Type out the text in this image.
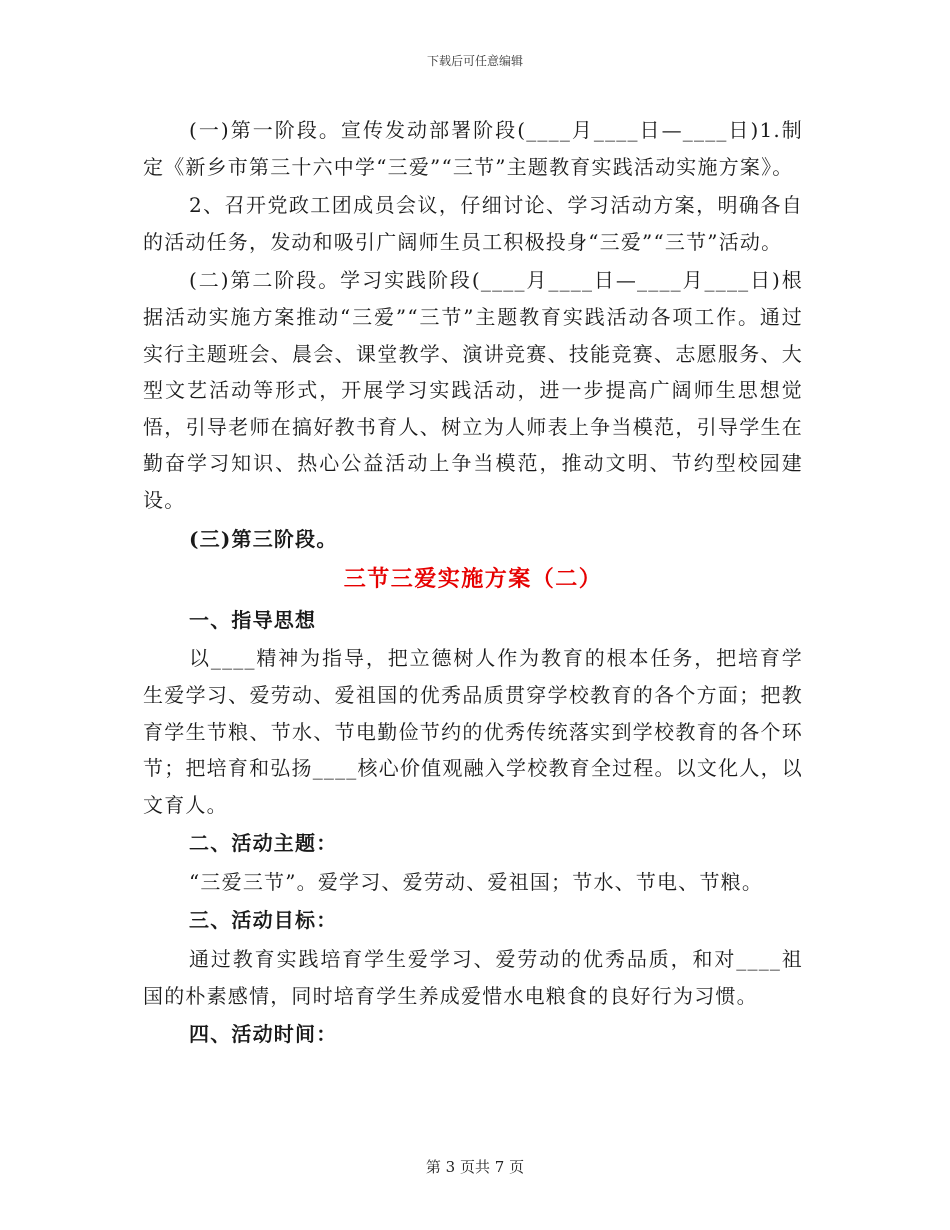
下载后可任意编辑

(一)第一阶段。宣传发动部署阶段(____月____日—____日)1.制定《新乡市第三十六中学“三爱”“三节”主题教育实践活动实施方案》。

2、召开党政工团成员会议，仔细讨论、学习活动方案，明确各自的活动任务，发动和吸引广阔师生员工积极投身“三爱”“三节”活动。

(二)第二阶段。学习实践阶段(____月____日—____月____日)根据活动实施方案推动“三爱”“三节”主题教育实践活动各项工作。通过实行主题班会、晨会、课堂教学、演讲竞赛、技能竞赛、志愿服务、大型文艺活动等形式，开展学习实践活动，进一步提高广阔师生思想觉悟，引导老师在搞好教书育人、树立为人师表上争当模范，引导学生在勤奋学习知识、热心公益活动上争当模范，推动文明、节约型校园建设。

(三)第三阶段。

三节三爱实施方案（二）

一、指导思想

以____精神为指导，把立德树人作为教育的根本任务，把培育学生爱学习、爱劳动、爱祖国的优秀品质贯穿学校教育的各个方面；把教育学生节粮、节水、节电勤俭节约的优秀传统落实到学校教育的各个环节；把培育和弘扬____核心价值观融入学校教育全过程。以文化人，以文育人。

二、活动主题：

“三爱三节”。爱学习、爱劳动、爱祖国；节水、节电、节粮。

三、活动目标：

通过教育实践培育学生爱学习、爱劳动的优秀品质，和对____祖国的朴素感情，同时培育学生养成爱惜水电粮食的良好行为习惯。

四、活动时间：

第 3 页共 7 页
